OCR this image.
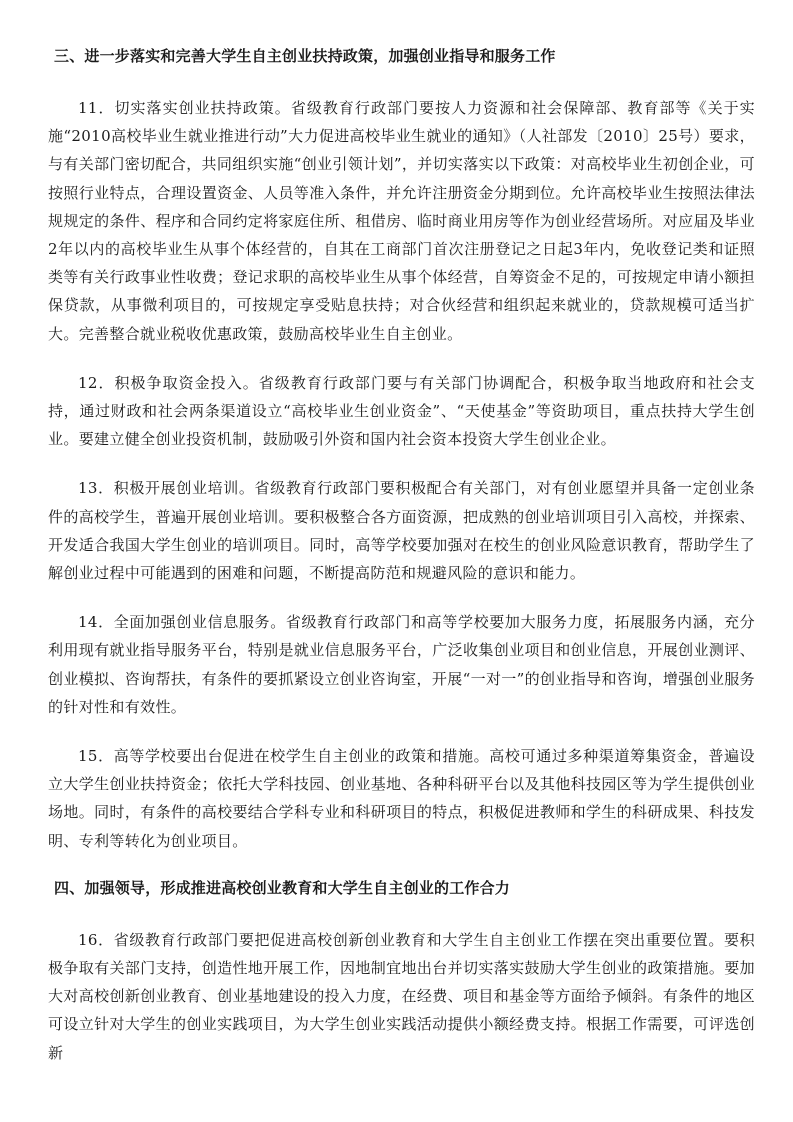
三、进一步落实和完善大学生自主创业扶持政策，加强创业指导和服务工作

11．切实落实创业扶持政策。省级教育行政部门要按人力资源和社会保障部、教育部等《关于实施“2010高校毕业生就业推进行动”大力促进高校毕业生就业的通知》（人社部发〔2010〕25号）要求，与有关部门密切配合，共同组织实施“创业引领计划”，并切实落实以下政策：对高校毕业生初创企业，可按照行业特点，合理设置资金、人员等准入条件，并允许注册资金分期到位。允许高校毕业生按照法律法规规定的条件、程序和合同约定将家庭住所、租借房、临时商业用房等作为创业经营场所。对应届及毕业2年以内的高校毕业生从事个体经营的，自其在工商部门首次注册登记之日起3年内，免收登记类和证照类等有关行政事业性收费；登记求职的高校毕业生从事个体经营，自筹资金不足的，可按规定申请小额担保贷款，从事微利项目的，可按规定享受贴息扶持；对合伙经营和组织起来就业的，贷款规模可适当扩大。完善整合就业税收优惠政策，鼓励高校毕业生自主创业。

12．积极争取资金投入。省级教育行政部门要与有关部门协调配合，积极争取当地政府和社会支持，通过财政和社会两条渠道设立“高校毕业生创业资金”、“天使基金”等资助项目，重点扶持大学生创业。要建立健全创业投资机制，鼓励吸引外资和国内社会资本投资大学生创业企业。

13．积极开展创业培训。省级教育行政部门要积极配合有关部门，对有创业愿望并具备一定创业条件的高校学生，普遍开展创业培训。要积极整合各方面资源，把成熟的创业培训项目引入高校，并探索、开发适合我国大学生创业的培训项目。同时，高等学校要加强对在校生的创业风险意识教育，帮助学生了解创业过程中可能遇到的困难和问题，不断提高防范和规避风险的意识和能力。

14．全面加强创业信息服务。省级教育行政部门和高等学校要加大服务力度，拓展服务内涵，充分利用现有就业指导服务平台，特别是就业信息服务平台，广泛收集创业项目和创业信息，开展创业测评、创业模拟、咨询帮扶，有条件的要抓紧设立创业咨询室，开展“一对一”的创业指导和咨询，增强创业服务的针对性和有效性。

15．高等学校要出台促进在校学生自主创业的政策和措施。高校可通过多种渠道筹集资金，普遍设立大学生创业扶持资金；依托大学科技园、创业基地、各种科研平台以及其他科技园区等为学生提供创业场地。同时，有条件的高校要结合学科专业和科研项目的特点，积极促进教师和学生的科研成果、科技发明、专利等转化为创业项目。

四、加强领导，形成推进高校创业教育和大学生自主创业的工作合力

16．省级教育行政部门要把促进高校创新创业教育和大学生自主创业工作摆在突出重要位置。要积极争取有关部门支持，创造性地开展工作，因地制宜地出台并切实落实鼓励大学生创业的政策措施。要加大对高校创新创业教育、创业基地建设的投入力度，在经费、项目和基金等方面给予倾斜。有条件的地区可设立针对大学生的创业实践项目，为大学生创业实践活动提供小额经费支持。根据工作需要，可评选创新
